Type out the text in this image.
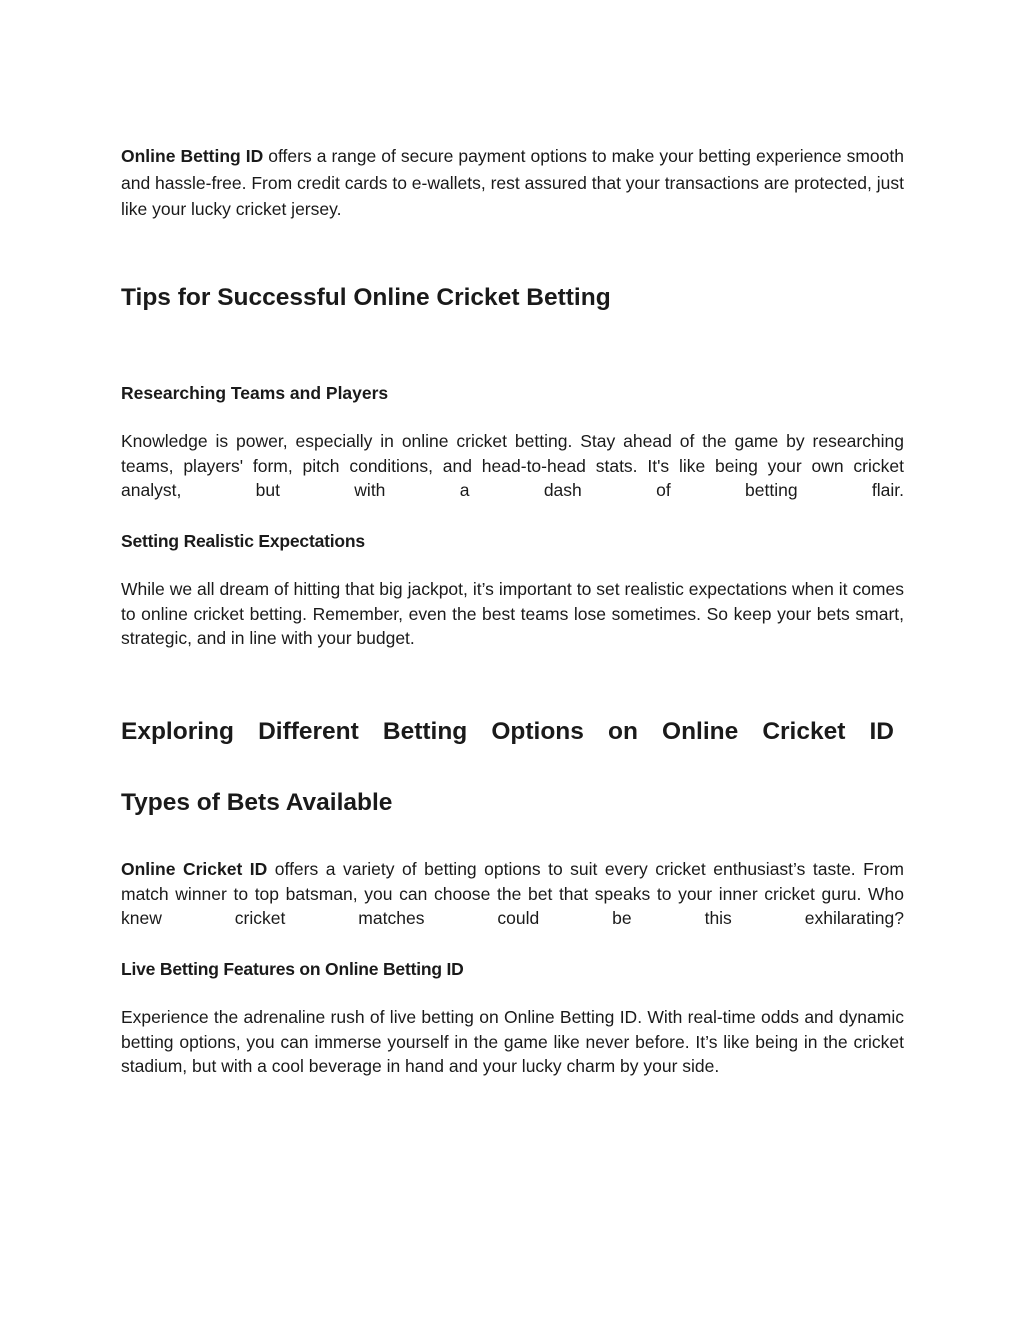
Online Betting ID offers a range of secure payment options to make your betting experience smooth and hassle-free. From credit cards to e-wallets, rest assured that your transactions are protected, just like your lucky cricket jersey.

Tips for Successful Online Cricket Betting
Researching Teams and Players

Knowledge is power, especially in online cricket betting. Stay ahead of the game by researching teams, players' form, pitch conditions, and head-to-head stats. It's like being your own cricket analyst, but with a dash of betting flair.

Setting Realistic Expectations

While we all dream of hitting that big jackpot, it’s important to set realistic expectations when it comes to online cricket betting. Remember, even the best teams lose sometimes. So keep your bets smart, strategic, and in line with your budget.

Exploring Different Betting Options on Online Cricket ID
Types of Bets Available

Online Cricket ID offers a variety of betting options to suit every cricket enthusiast’s taste. From match winner to top batsman, you can choose the bet that speaks to your inner cricket guru. Who knew cricket matches could be this exhilarating?

Live Betting Features on Online Betting ID

Experience the adrenaline rush of live betting on Online Betting ID. With real-time odds and dynamic betting options, you can immerse yourself in the game like never before. It’s like being in the cricket stadium, but with a cool beverage in hand and your lucky charm by your side.
